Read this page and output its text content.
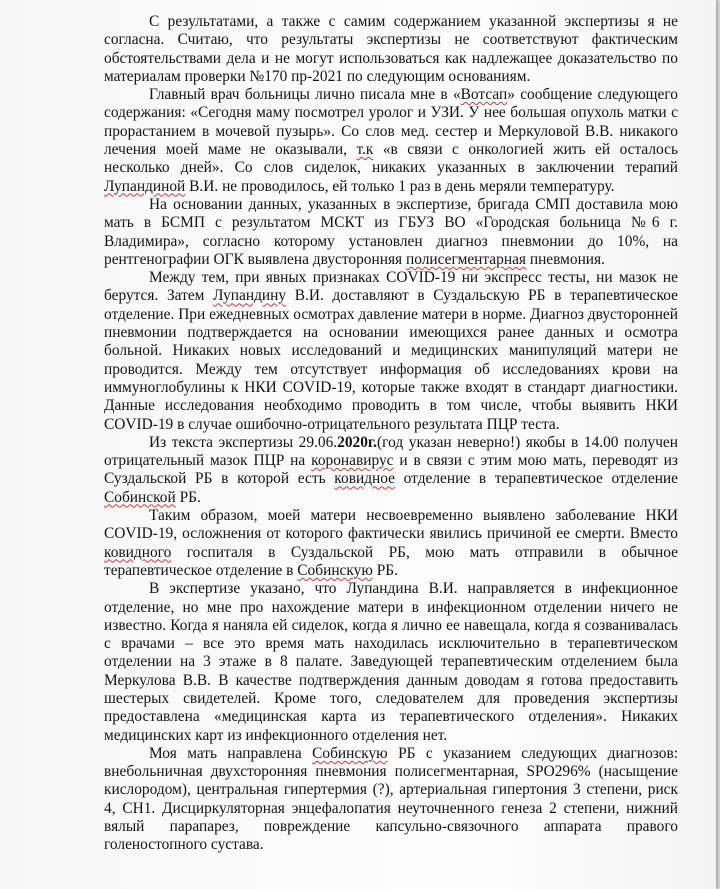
С результатами, а также с самим содержанием указанной экспертизы я не согласна. Считаю, что результаты экспертизы не соответствуют фактическим обстоятельствами дела и не могут использоваться как надлежащее доказательство по материалам проверки №170 пр-2021 по следующим основаниям.

Главный врач больницы лично писала мне в «Вотсап» сообщение следующего содержания: «Сегодня маму посмотрел уролог и УЗИ. У нее большая опухоль матки с прорастанием в мочевой пузырь». Со слов мед. сестер и Меркуловой В.В. никакого лечения моей маме не оказывали, т.к «в связи с онкологией жить ей осталось несколько дней». Со слов сиделок, никаких указанных в заключении терапий Лупандиной В.И. не проводилось, ей только 1 раз в день меряли температуру.

На основании данных, указанных в экспертизе, бригада СМП доставила мою мать в БСМП с результатом МСКТ из ГБУЗ ВО «Городская больница №6 г. Владимира», согласно которому установлен диагноз пневмонии до 10%, на рентгенографии ОГК выявлена двусторонняя полисегментарная пневмония.

Между тем, при явных признаках COVID-19 ни экспресс тесты, ни мазок не берутся. Затем Лупандину В.И. доставляют в Суздальскую РБ в терапевтическое отделение. При ежедневных осмотрах давление матери в норме. Диагноз двусторонней пневмонии подтверждается на основании имеющихся ранее данных и осмотра больной. Никаких новых исследований и медицинских манипуляций матери не проводится. Между тем отсутствует информация об исследованиях крови на иммуноглобулины к НКИ COVID-19, которые также входят в стандарт диагностики. Данные исследования необходимо проводить в том числе, чтобы выявить НКИ COVID-19 в случае ошибочно-отрицательного результата ПЦР теста.

Из текста экспертизы 29.06.2020г.(год указан неверно!) якобы в 14.00 получен отрицательный мазок ПЦР на коронавирус и в связи с этим мою мать, переводят из Суздальской РБ в которой есть ковидное отделение в терапевтическое отделение Собинской РБ.

Таким образом, моей матери несвоевременно выявлено заболевание НКИ COVID-19, осложнения от которого фактически явились причиной ее смерти. Вместо ковидного госпиталя в Суздальской РБ, мою мать отправили в обычное терапевтическое отделение в Собинскую РБ.

В экспертизе указано, что Лупандина В.И. направляется в инфекционное отделение, но мне про нахождение матери в инфекционном отделении ничего не известно. Когда я наняла ей сиделок, когда я лично ее навещала, когда я созванивалась с врачами – все это время мать находилась исключительно в терапевтическом отделении на 3 этаже в 8 палате. Заведующей терапевтическим отделением была Меркулова В.В. В качестве подтверждения данным доводам я готова предоставить шестерых свидетелей. Кроме того, следователем для проведения экспертизы предоставлена «медицинская карта из терапевтического отделения». Никаких медицинских карт из инфекционного отделения нет.

Моя мать направлена Собинскую РБ с указанием следующих диагнозов: внебольничная двухсторонняя пневмония полисегментарная, SPO296% (насыщение кислородом), центральная гипертермия (?), артериальная гипертония 3 степени, риск 4, СН1. Дисциркуляторная энцефалопатия неуточненного генеза 2 степени, нижний вялый парапарез, повреждение капсульно-связочного аппарата правого голеностопного сустава.
